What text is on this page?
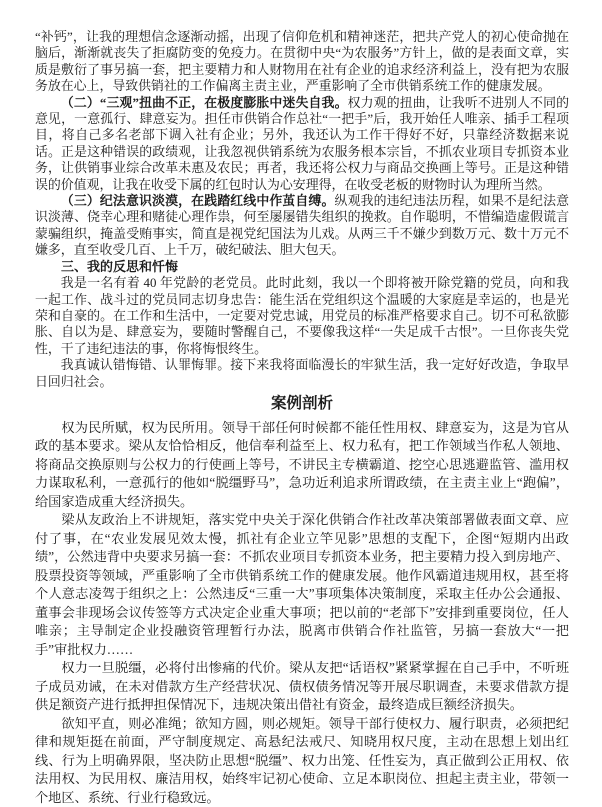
“补钙”，让我的理想信念逐渐动摇，出现了信仰危机和精神迷茫，把共产党人的初心使命抛在脑后，渐渐就丧失了拒腐防变的免疫力。在贯彻中央“为农服务”方针上，做的是表面文章，实质是敷衍了事另搞一套，把主要精力和人财物用在社有企业的追求经济利益上，没有把为农服务放在心上，导致供销社的工作偏离主责主业，严重影响了全市供销系统工作的健康发展。

（二）“三观”扭曲不正，在极度膨胀中迷失自我。权力观的扭曲，让我听不进别人不同的意见，一意孤行、肆意妄为。担任市供销合作总社“一把手”后，我开始任人唯亲、插手工程项目，将自己多名老部下调入社有企业；另外，我还认为工作干得好不好，只靠经济数据来说话。正是这种错误的政绩观，让我忽视供销系统为农服务根本宗旨，不抓农业项目专抓资本业务，让供销事业综合改革未惠及农民；再者，我还将公权力与商品交换画上等号。正是这种错误的价值观，让我在收受下属的红包时认为心安理得，在收受老板的财物时认为理所当然。

（三）纪法意识淡漠，在践踏红线中作茧自缚。纵观我的违纪违法历程，如果不是纪法意识淡薄、侥幸心理和赌徒心理作祟，何至屡屡错失组织的挽救。自作聪明，不惜编造虚假谎言蒙骗组织，掩盖受贿事实，简直是视党纪国法为儿戏。从两三千不嫌少到数万元、数十万元不嫌多，直至收受几百、上千万，破纪破法、胆大包天。

三、我的反思和忏悔

我是一名有着 40 年党龄的老党员。此时此刻，我以一个即将被开除党籍的党员，向和我一起工作、战斗过的党员同志切身忠告：能生活在党组织这个温暖的大家庭是幸运的，也是光荣和自豪的。在工作和生活中，一定要对党忠诚，用党员的标准严格要求自己。切不可私欲膨胀、自以为是、肆意妄为，要随时警醒自己，不要像我这样“一失足成千古恨”。一旦你丧失党性，干了违纪违法的事，你将悔恨终生。

我真诚认错悔错、认罪悔罪。接下来我将面临漫长的牢狱生活，我一定好好改造，争取早日回归社会。

案例剖析

权为民所赋，权为民所用。领导干部任何时候都不能任性用权、肆意妄为，这是为官从政的基本要求。梁从友恰恰相反，他信奉利益至上、权力私有，把工作领域当作私人领地、将商品交换原则与公权力的行使画上等号，不讲民主专横霸道、挖空心思逃避监管、滥用权力谋取私利，一意孤行的他如“脱缰野马”，急功近利追求所谓政绩，在主责主业上“跑偏”，给国家造成重大经济损失。

梁从友政治上不讲规矩，落实党中央关于深化供销合作社改革决策部署做表面文章、应付了事，在“农业发展见效太慢，抓社有企业立竿见影”思想的支配下，企图“短期内出政绩”，公然违背中央要求另搞一套：不抓农业项目专抓资本业务，把主要精力投入到房地产、股票投资等领域，严重影响了全市供销系统工作的健康发展。他作风霸道违规用权，甚至将个人意志凌驾于组织之上：公然违反“三重一大”事项集体决策制度，采取主任办公会通报、董事会非现场会议传签等方式决定企业重大事项；把以前的“老部下”安排到重要岗位，任人唯亲；主导制定企业投融资管理暂行办法，脱离市供销合作社监管，另搞一套放大“一把手”审批权力……

权力一旦脱缰，必将付出惨痛的代价。梁从友把“话语权”紧紧掌握在自己手中，不听班子成员劝诫，在未对借款方生产经营状况、债权债务情况等开展尽职调查，未要求借款方提供足额资产进行抵押担保情况下，违规决策出借社有资金，最终造成巨额经济损失。

欲知平直，则必准绳；欲知方圆，则必规矩。领导干部行使权力、履行职责，必须把纪律和规矩挺在前面，严守制度规定、高悬纪法戒尺、知晓用权尺度，主动在思想上划出红线、行为上明确界限，坚决防止思想“脱缰”、权力出笼、任性妄为，真正做到公正用权、依法用权、为民用权、廉洁用权，始终牢记初心使命、立足本职岗位、担起主责主业，带领一个地区、系统、行业行稳致远。
